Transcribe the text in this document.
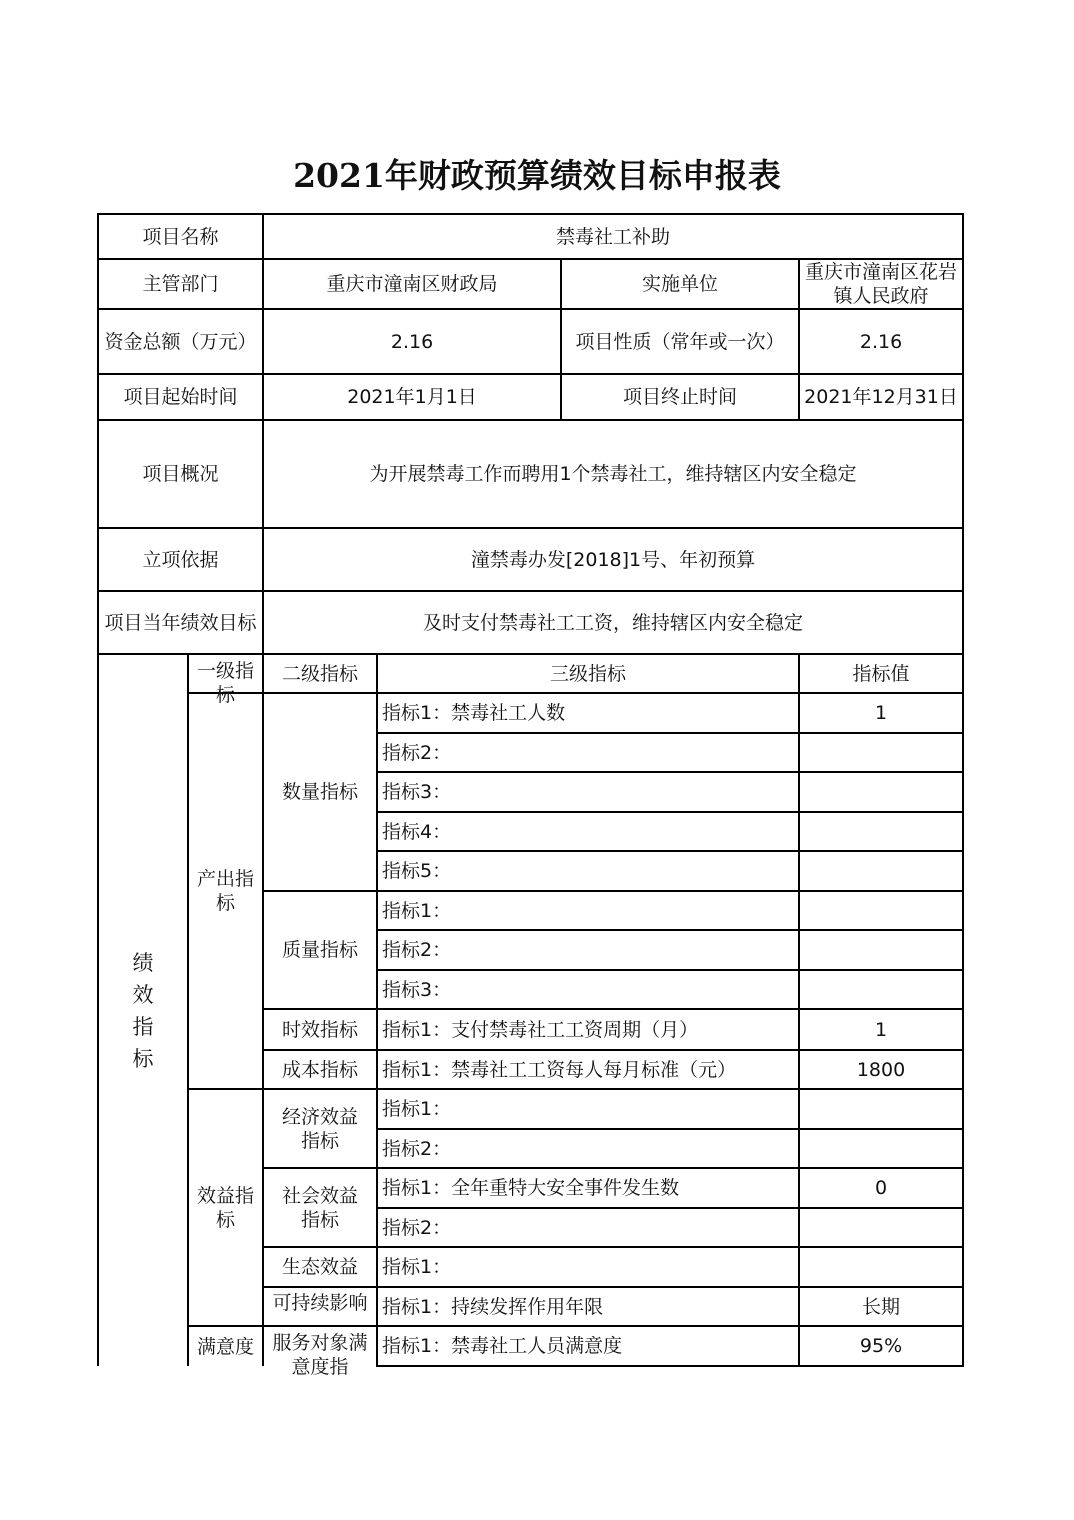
2021年财政预算绩效目标申报表
项目名称		禁毒社工补助			
主管部门		重庆市潼南区财政局		实施单位	重庆市潼南区花岩镇人民政府
资金总额（万元）		2.16		项目性质（常年或一次）	2.16
项目起始时间		2021年1月1日		项目终止时间	2021年12月31日
项目概况		为开展禁毒工作而聘用1个禁毒社工，维持辖区内安全稳定			
立项依据		潼禁毒办发[2018]1号、年初预算			
项目当年绩效目标		及时支付禁毒社工工资，维持辖区内安全稳定			

绩效指标	一级指标	二级指标	三级指标		指标值
	产出指标	数量指标	指标1：禁毒社工人数		1
			指标2：		
			指标3：		
			指标4：		
			指标5：		
		质量指标	指标1：		
			指标2：		
			指标3：		
		时效指标	指标1：支付禁毒社工工资周期（月）		1
		成本指标	指标1：禁毒社工工资每人每月标准（元）		1800
	效益指标	经济效益指标	指标1：		
			指标2：		

		社会效益指标	指标1：全年重特大安全事件发生数		0
			指标2：		
		生态效益	指标1：		

		可持续影响	指标1：持续发挥作用年限		长期
	满意度	服务对象满意度指	指标1：禁毒社工人员满意度		95%
